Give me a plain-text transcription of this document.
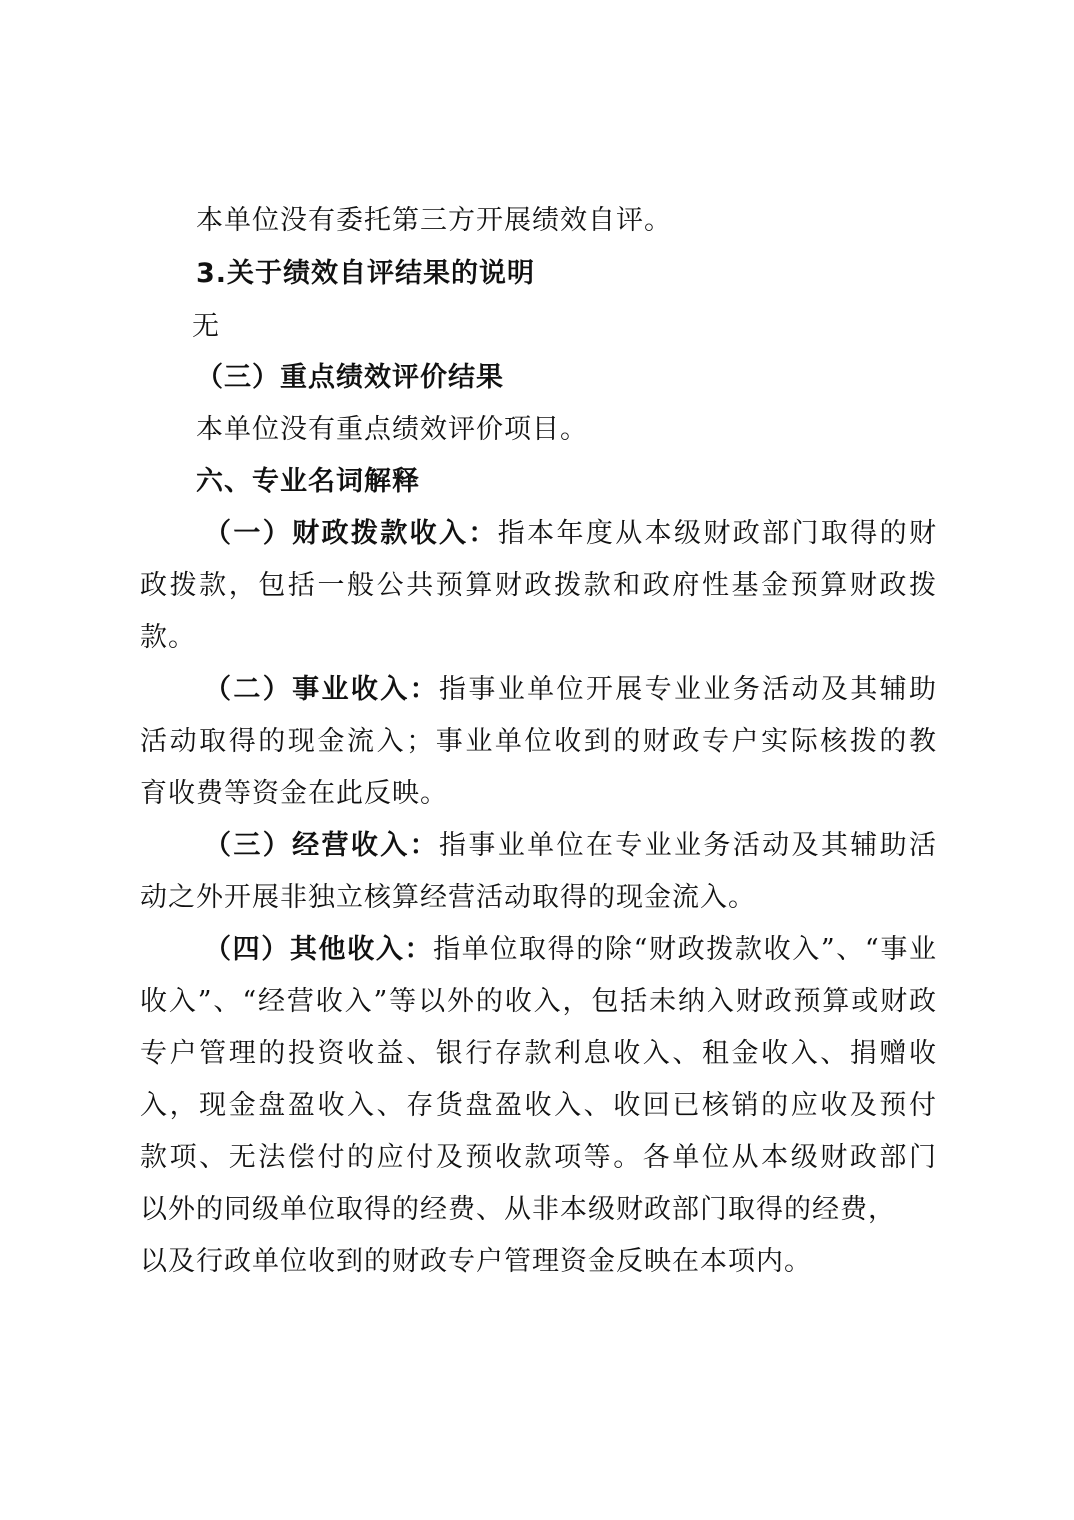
本单位没有委托第三方开展绩效自评。
3.关于绩效自评结果的说明
无
（三）重点绩效评价结果
本单位没有重点绩效评价项目。
六、专业名词解释
（一）财政拨款收入：指本年度从本级财政部门取得的财
政拨款，包括一般公共预算财政拨款和政府性基金预算财政拨
款。
（二）事业收入：指事业单位开展专业业务活动及其辅助
活动取得的现金流入；事业单位收到的财政专户实际核拨的教
育收费等资金在此反映。
（三）经营收入：指事业单位在专业业务活动及其辅助活
动之外开展非独立核算经营活动取得的现金流入。
（四）其他收入：指单位取得的除“财政拨款收入”、“事业
收入”、“经营收入”等以外的收入，包括未纳入财政预算或财政
专户管理的投资收益、银行存款利息收入、租金收入、捐赠收
入，现金盘盈收入、存货盘盈收入、收回已核销的应收及预付
款项、无法偿付的应付及预收款项等。各单位从本级财政部门
以外的同级单位取得的经费、从非本级财政部门取得的经费，
以及行政单位收到的财政专户管理资金反映在本项内。
